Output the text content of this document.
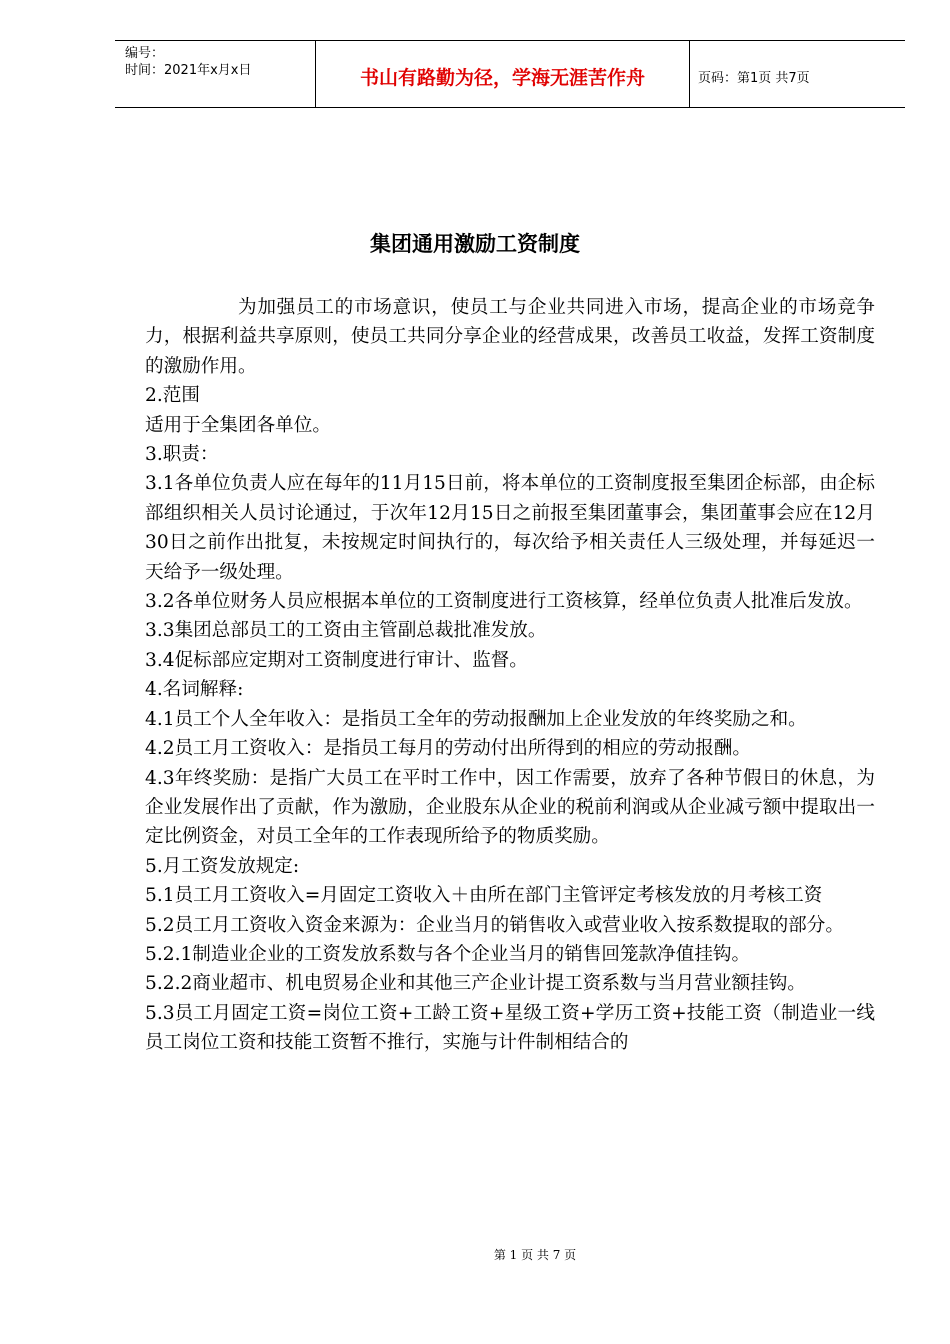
编号：
时间：2021年x月x日	书山有路勤为径，学海无涯苦作舟	页码：第1页 共7页
集团通用激励工资制度

为加强员工的市场意识，使员工与企业共同进入市场，提高企业的市场竞争力，根据利益共享原则，使员工共同分享企业的经营成果，改善员工收益，发挥工资制度的激励作用。

2.范围

适用于全集团各单位。

3.职责：

3.1各单位负责人应在每年的11月15日前，将本单位的工资制度报至集团企标部，由企标部组织相关人员讨论通过，于次年12月15日之前报至集团董事会，集团董事会应在12月30日之前作出批复，未按规定时间执行的，每次给予相关责任人三级处理，并每延迟一天给予一级处理。

3.2各单位财务人员应根据本单位的工资制度进行工资核算，经单位负责人批准后发放。

3.3集团总部员工的工资由主管副总裁批准发放。

3.4促标部应定期对工资制度进行审计、监督。

4.名词解释:

4.1员工个人全年收入：是指员工全年的劳动报酬加上企业发放的年终奖励之和。

4.2员工月工资收入：是指员工每月的劳动付出所得到的相应的劳动报酬。

4.3年终奖励：是指广大员工在平时工作中，因工作需要，放弃了各种节假日的休息，为企业发展作出了贡献，作为激励，企业股东从企业的税前利润或从企业减亏额中提取出一定比例资金，对员工全年的工作表现所给予的物质奖励。

5.月工资发放规定:

5.1员工月工资收入=月固定工资收入＋由所在部门主管评定考核发放的月考核工资

5.2员工月工资收入资金来源为：企业当月的销售收入或营业收入按系数提取的部分。

5.2.1制造业企业的工资发放系数与各个企业当月的销售回笼款净值挂钩。

5.2.2商业超市、机电贸易企业和其他三产企业计提工资系数与当月营业额挂钩。

5.3员工月固定工资=岗位工资+工龄工资+星级工资+学历工资+技能工资（制造业一线员工岗位工资和技能工资暂不推行，实施与计件制相结合的

第 1 页 共 7 页
